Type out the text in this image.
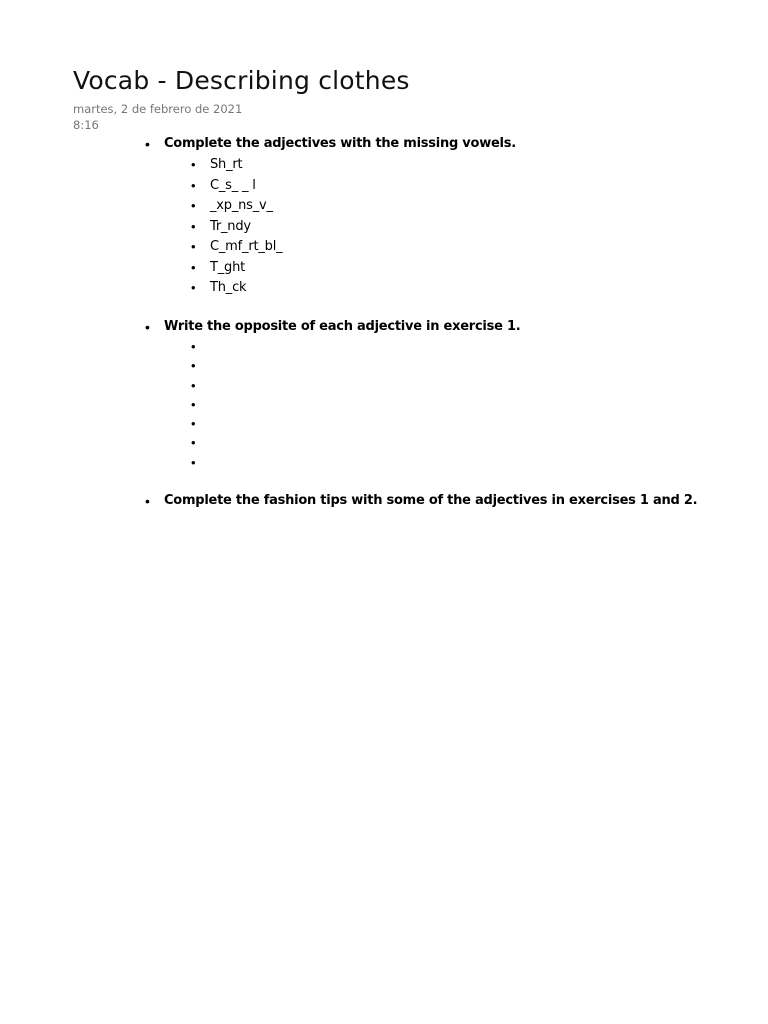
Vocab - Describing clothes
martes, 2 de febrero de 2021
8:16
• Complete the adjectives with the missing vowels.
• Sh_rt
• C_s_ _ l
• _xp_ns_v_
• Tr_ndy
• C_mf_rt_bl_
• T_ght
• Th_ck
• Write the opposite of each adjective in exercise 1.
•
•
•
•
•
•
•
• Complete the fashion tips with some of the adjectives in exercises 1 and 2.
